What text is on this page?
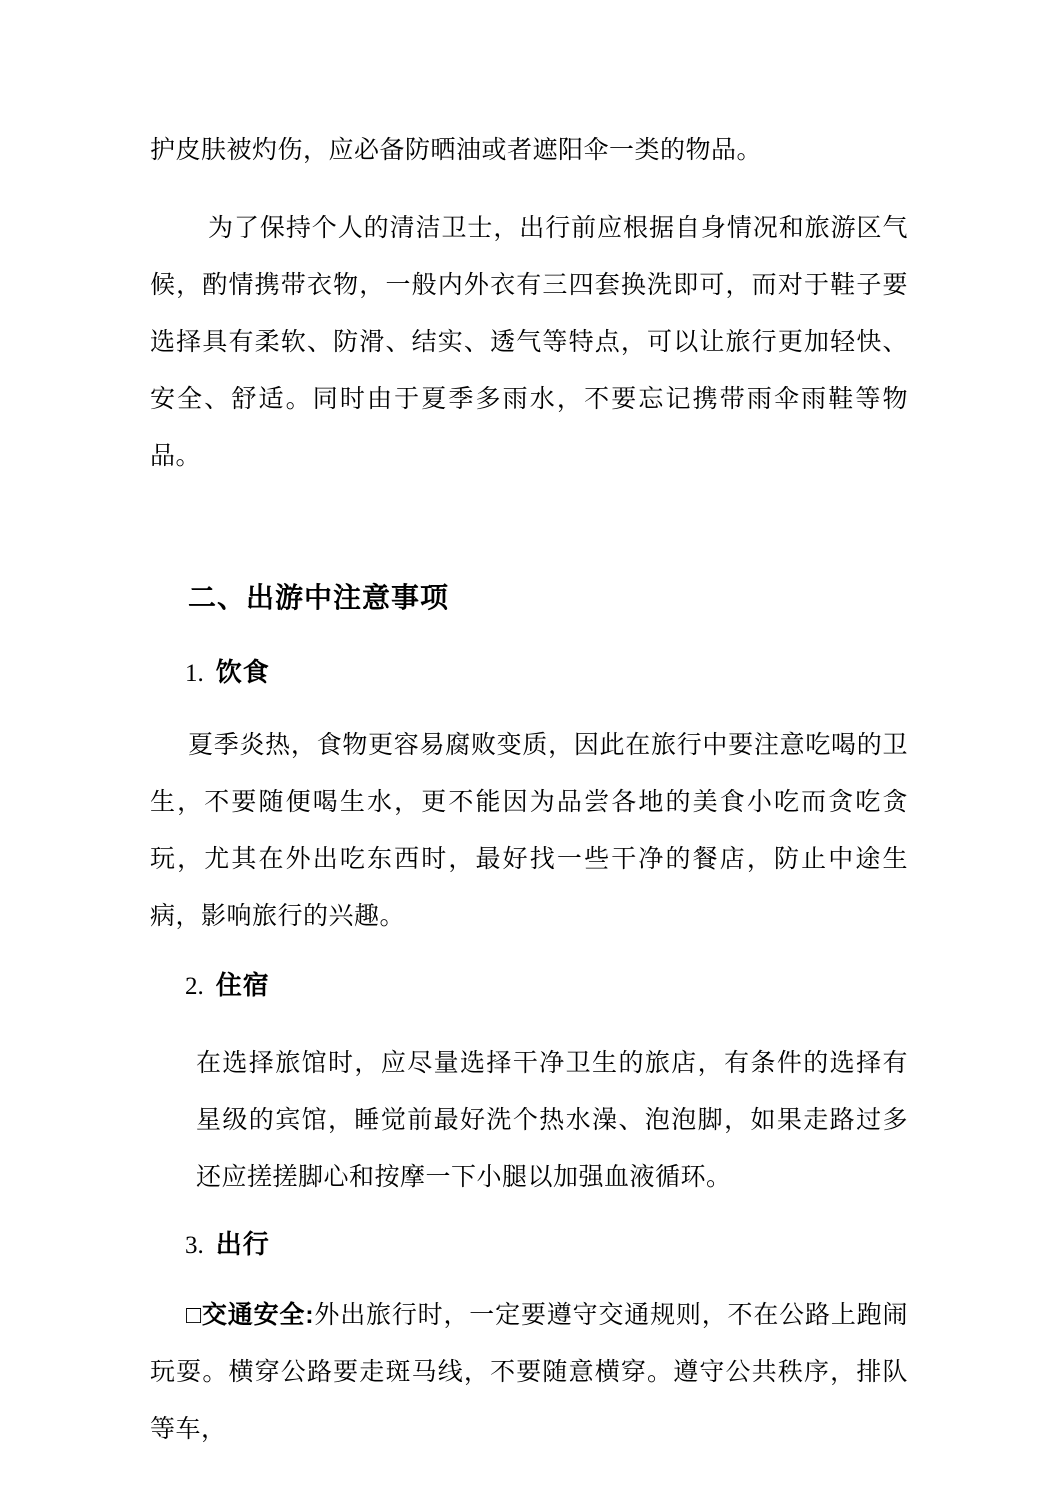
护皮肤被灼伤，应必备防晒油或者遮阳伞一类的物品。

为了保持个人的清洁卫士，出行前应根据自身情况和旅游区气候，酌情携带衣物，一般内外衣有三四套换洗即可，而对于鞋子要选择具有柔软、防滑、结实、透气等特点，可以让旅行更加轻快、安全、舒适。同时由于夏季多雨水，不要忘记携带雨伞雨鞋等物品。

二、出游中注意事项

1. 饮食

夏季炎热，食物更容易腐败变质，因此在旅行中要注意吃喝的卫生，不要随便喝生水，更不能因为品尝各地的美食小吃而贪吃贪玩，尤其在外出吃东西时，最好找一些干净的餐店，防止中途生病，影响旅行的兴趣。

2. 住宿

在选择旅馆时，应尽量选择干净卫生的旅店，有条件的选择有星级的宾馆，睡觉前最好洗个热水澡、泡泡脚，如果走路过多还应搓搓脚心和按摩一下小腿以加强血液循环。

3. 出行

□交通安全:外出旅行时，一定要遵守交通规则，不在公路上跑闹玩耍。横穿公路要走斑马线，不要随意横穿。遵守公共秩序，排队等车，
